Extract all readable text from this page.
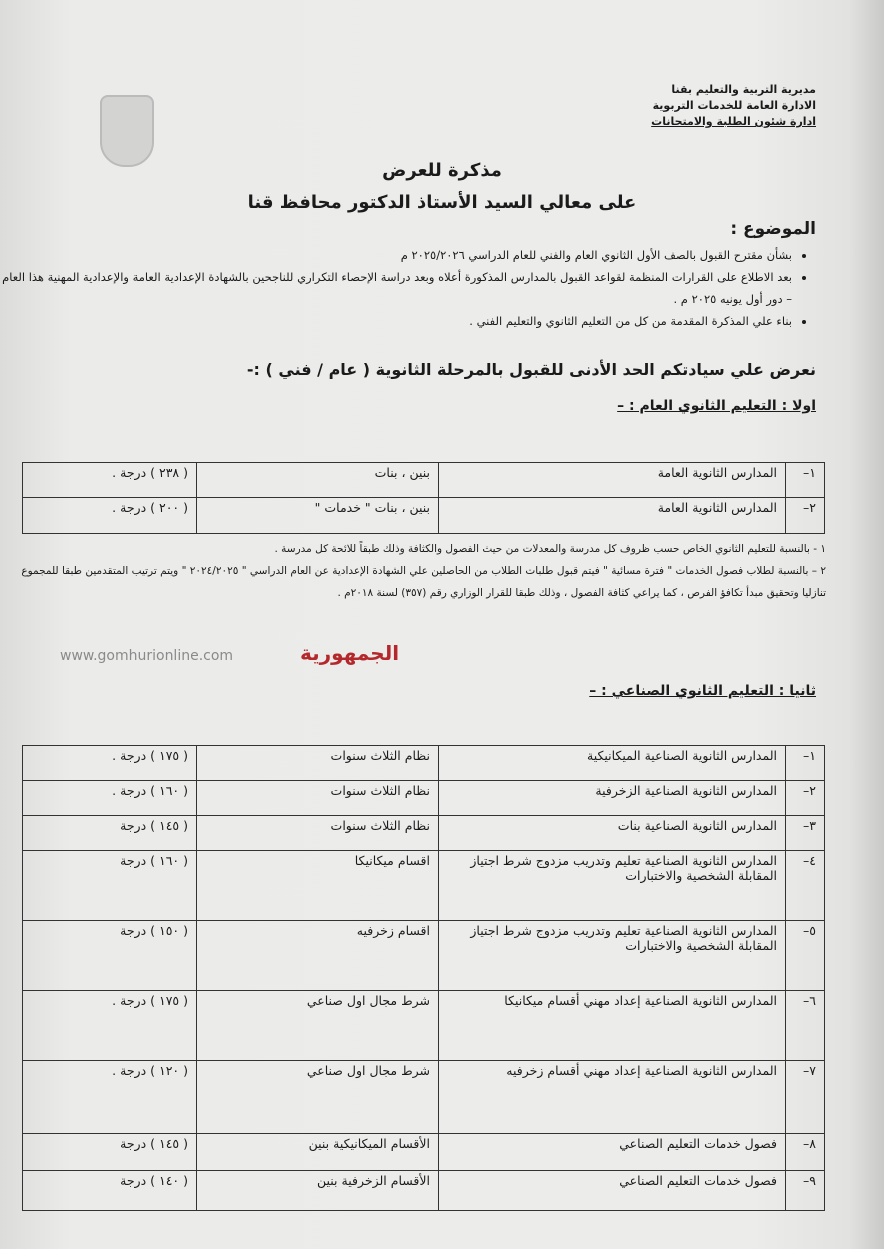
مديرية التربية والتعليم بقنا
الادارة العامة للخدمات التربوية
ادارة شئون الطلبة والامتحانات
مذكرة للعرض
على معالي السيد الأستاذ الدكتور محافظ قنا
الموضوع :
• بشأن مقترح القبول بالصف الأول الثانوي العام والفني للعام الدراسي ٢٠٢٥/٢٠٢٦ م
• بعد الاطلاع على القرارات المنظمة لقواعد القبول بالمدارس المذكورة أعلاه وبعد دراسة الإحصاء التكراري للناجحين بالشهادة الإعدادية العامة والإعدادية المهنية هذا العام – دور أول يونيه ٢٠٢٥ م .
• بناء علي المذكرة المقدمة من كل من التعليم الثانوي والتعليم الفني .
نعرض علي سيادتكم الحد الأدنى للقبول بالمرحلة الثانوية ( عام / فني ) :-
اولا : التعليم الثانوي العام : –
١–	المدارس الثانوية العامة	بنين ، بنات	( ٢٣٨ ) درجة .
٢–	المدارس الثانوية العامة	بنين ، بنات " خدمات "	( ٢٠٠ ) درجة .
١ - بالنسبة للتعليم الثانوي الخاص حسب ظروف كل مدرسة والمعدلات من حيث الفصول والكثافة وذلك طبقاً للائحة كل مدرسة .
٢ – بالنسبة لطلاب فصول الخدمات " فترة مسائية " فيتم قبول طلبات الطلاب من الحاصلين علي الشهادة الإعدادية عن العام الدراسي " ٢٠٢٤/٢٠٢٥ " ويتم ترتيب المتقدمين طبقا للمجموع تنازليا وتحقيق مبدأ تكافؤ الفرص ، كما يراعي كثافة الفصول ، وذلك طبقا للقرار الوزاري رقم (٣٥٧) لسنة ٢٠١٨م .
www.gomhurionline.com	الجمهورية
ثانيا : التعليم الثانوي الصناعي : –
١–	المدارس الثانوية الصناعية الميكانيكية	نظام الثلاث سنوات	( ١٧٥ ) درجة .
٢–	المدارس الثانوية الصناعية الزخرفية	نظام الثلاث سنوات	( ١٦٠ ) درجة .
٣–	المدارس الثانوية الصناعية بنات	نظام الثلاث سنوات	( ١٤٥ ) درجة
٤–	المدارس الثانوية الصناعية تعليم وتدريب مزدوج شرط اجتياز المقابلة الشخصية والاختبارات	اقسام ميكانيكا	( ١٦٠ ) درجة
٥–	المدارس الثانوية الصناعية تعليم وتدريب مزدوج شرط اجتياز المقابلة الشخصية والاختبارات	اقسام زخرفيه	( ١٥٠ ) درجة
٦–	المدارس الثانوية الصناعية إعداد مهني أقسام ميكانيكا	شرط مجال اول صناعي	( ١٧٥ ) درجة .
٧–	المدارس الثانوية الصناعية إعداد مهني أقسام زخرفيه	شرط مجال اول صناعي	( ١٢٠ ) درجة .
٨–	فصول خدمات التعليم الصناعي	الأقسام الميكانيكية بنين	( ١٤٥ ) درجة
٩–	فصول خدمات التعليم الصناعي	الأقسام الزخرفية بنين	( ١٤٠ ) درجة
